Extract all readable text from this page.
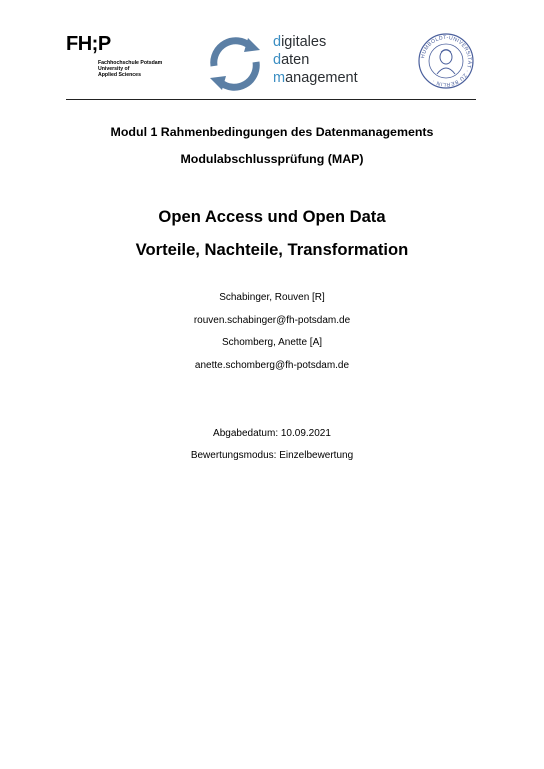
FH;P
Fachhochschule Potsdam
University of
Applied Sciences
digitales
daten
management
HUMBOLDT-UNIVERSITÄT · ZU BERLIN ·
Modul 1 Rahmenbedingungen des Datenmanagements
Modulabschlussprüfung (MAP)
Open Access und Open Data
Vorteile, Nachteile, Transformation
Schabinger, Rouven [R]
rouven.schabinger@fh-potsdam.de
Schomberg, Anette [A]
anette.schomberg@fh-potsdam.de
Abgabedatum: 10.09.2021
Bewertungsmodus: Einzelbewertung
